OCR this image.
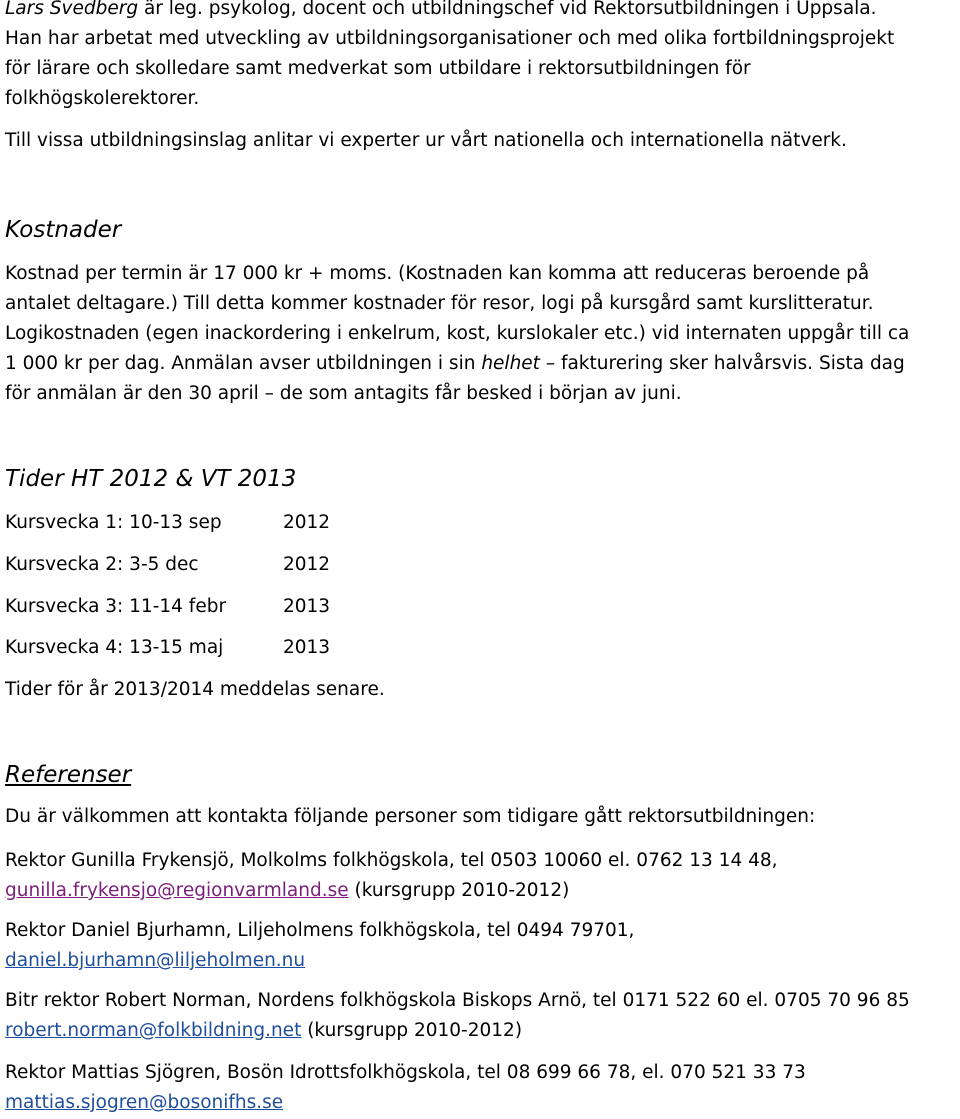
Lars Svedberg är leg. psykolog, docent och utbildningschef vid Rektorsutbildningen i Uppsala.
Han har arbetat med utveckling av utbildningsorganisationer och med olika fortbildningsprojekt
för lärare och skolledare samt medverkat som utbildare i rektorsutbildningen för
folkhögskolerektorer.
Till vissa utbildningsinslag anlitar vi experter ur vårt nationella och internationella nätverk.
Kostnader
Kostnad per termin är 17 000 kr + moms. (Kostnaden kan komma att reduceras beroende på
antalet deltagare.) Till detta kommer kostnader för resor, logi på kursgård samt kurslitteratur.
Logikostnaden (egen inackordering i enkelrum, kost, kurslokaler etc.) vid internaten uppgår till ca
1 000 kr per dag. Anmälan avser utbildningen i sin helhet – fakturering sker halvårsvis. Sista dag
för anmälan är den 30 april – de som antagits får besked i början av juni.
Tider HT 2012 & VT 2013
Kursvecka 1: 10-13 sep	2012
Kursvecka 2: 3-5 dec	2012
Kursvecka 3: 11-14 febr	2013
Kursvecka 4: 13-15 maj	2013
Tider för år 2013/2014 meddelas senare.
Referenser
Du är välkommen att kontakta följande personer som tidigare gått rektorsutbildningen:
Rektor Gunilla Frykensjö, Molkolms folkhögskola, tel 0503 10060 el. 0762 13 14 48,
gunilla.frykensjo@regionvarmland.se (kursgrupp 2010-2012)
Rektor Daniel Bjurhamn, Liljeholmens folkhögskola, tel 0494 79701,
daniel.bjurhamn@liljeholmen.nu
Bitr rektor Robert Norman, Nordens folkhögskola Biskops Arnö, tel 0171 522 60 el. 0705 70 96 85
robert.norman@folkbildning.net (kursgrupp 2010-2012)
Rektor Mattias Sjögren, Bosön Idrottsfolkhögskola, tel 08 699 66 78, el. 070 521 33 73
mattias.sjogren@bosonifhs.se
